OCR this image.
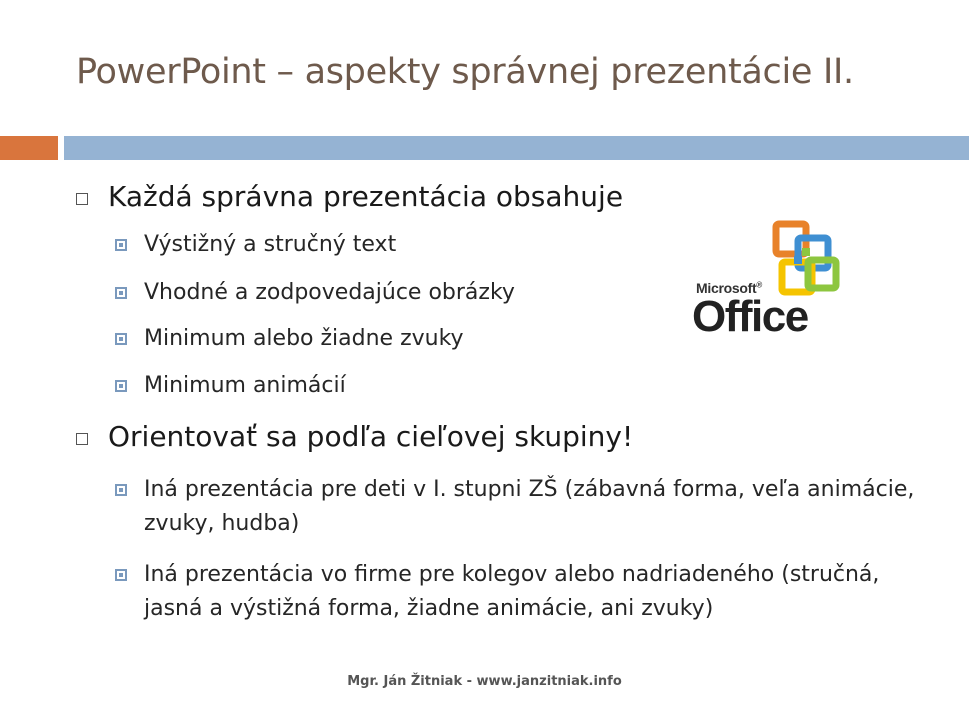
PowerPoint – aspekty správnej prezentácie II.
Každá správna prezentácia obsahuje
Výstižný a stručný text
Vhodné a zodpovedajúce obrázky
Minimum alebo žiadne zvuky
Minimum animácií
Orientovať sa podľa cieľovej skupiny!
Iná prezentácia pre deti v I. stupni ZŠ (zábavná forma, veľa animácie, zvuky, hudba)
Iná prezentácia vo firme pre kolegov alebo nadriadeného (stručná, jasná a výstižná forma, žiadne animácie, ani zvuky)
Microsoft®
Office
Mgr. Ján Žitniak - www.janzitniak.info
